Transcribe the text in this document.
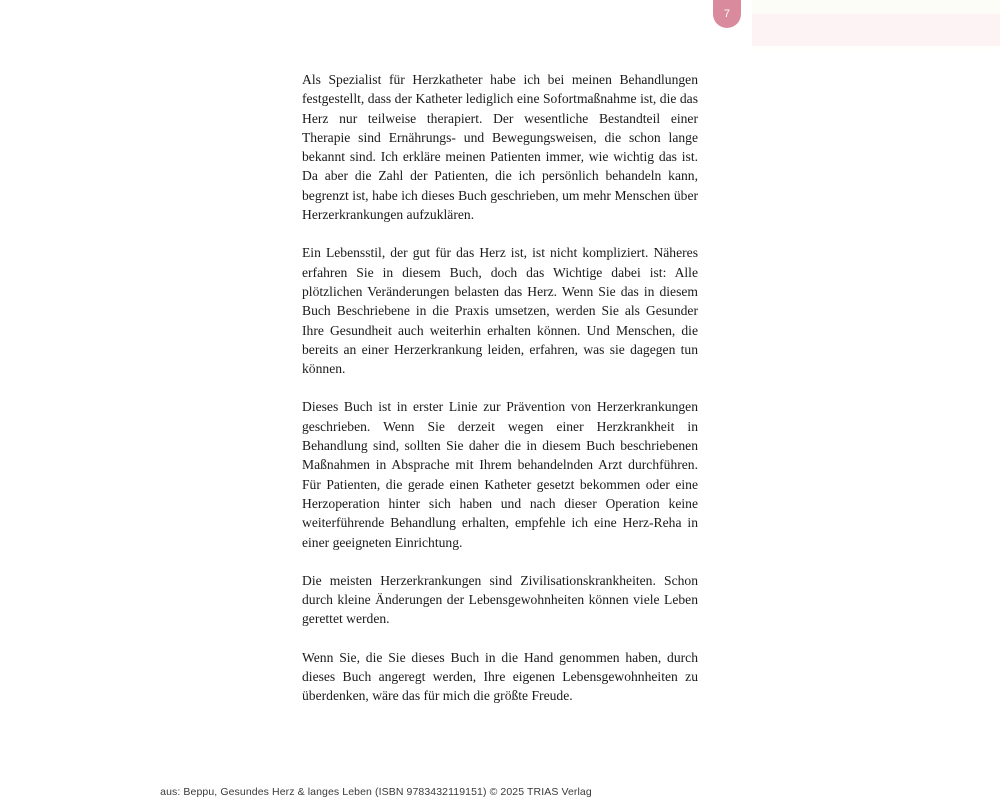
7

Als Spezialist für Herzkatheter habe ich bei meinen Behandlungen festgestellt, dass der Katheter lediglich eine Sofortmaßnahme ist, die das Herz nur teilweise therapiert. Der wesentliche Bestandteil einer Therapie sind Ernährungs- und Bewegungsweisen, die schon lange bekannt sind. Ich erkläre meinen Patienten immer, wie wichtig das ist. Da aber die Zahl der Patienten, die ich persönlich behandeln kann, begrenzt ist, habe ich dieses Buch geschrieben, um mehr Menschen über Herzerkrankungen aufzuklären.

Ein Lebensstil, der gut für das Herz ist, ist nicht kompliziert. Näheres erfahren Sie in diesem Buch, doch das Wichtige dabei ist: Alle plötzlichen Veränderungen belasten das Herz. Wenn Sie das in diesem Buch Beschriebene in die Praxis umsetzen, werden Sie als Gesunder Ihre Gesundheit auch weiterhin erhalten können. Und Menschen, die bereits an einer Herzerkrankung leiden, erfahren, was sie dagegen tun können.

Dieses Buch ist in erster Linie zur Prävention von Herzerkrankungen geschrieben. Wenn Sie derzeit wegen einer Herzkrankheit in Behandlung sind, sollten Sie daher die in diesem Buch beschriebenen Maßnahmen in Absprache mit Ihrem behandelnden Arzt durchführen. Für Patienten, die gerade einen Katheter gesetzt bekommen oder eine Herzoperation hinter sich haben und nach dieser Operation keine weiterführende Behandlung erhalten, empfehle ich eine Herz-Reha in einer geeigneten Einrichtung.

Die meisten Herzerkrankungen sind Zivilisationskrankheiten. Schon durch kleine Änderungen der Lebensgewohnheiten können viele Leben gerettet werden.

Wenn Sie, die Sie dieses Buch in die Hand genommen haben, durch dieses Buch angeregt werden, Ihre eigenen Lebensgewohnheiten zu überdenken, wäre das für mich die größte Freude.

aus: Beppu, Gesundes Herz & langes Leben (ISBN 9783432119151) © 2025 TRIAS Verlag
